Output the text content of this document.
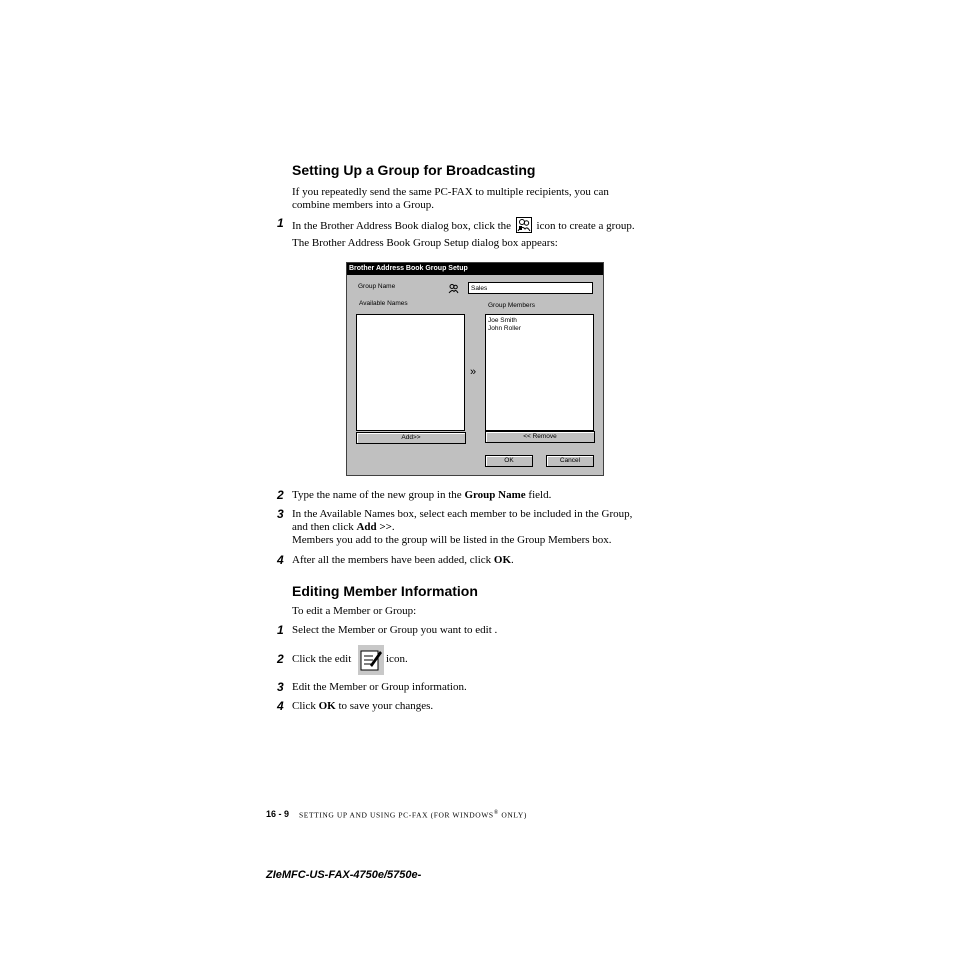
Setting Up a Group for Broadcasting
If you repeatedly send the same PC-FAX to multiple recipients, you can
combine members into a Group.
1 In the Brother Address Book dialog box, click the icon to create a group.
The Brother Address Book Group Setup dialog box appears:
Brother Address Book Group Setup
Group Name	Sales
Available Names	Group Members
»
Joe Smith
John Roller
Add>>	<< Remove
OK	Cancel
2 Type the name of the new group in the Group Name field.
3 In the Available Names box, select each member to be included in the Group,
and then click Add >>.
Members you add to the group will be listed in the Group Members box.
4 After all the members have been added, click OK.
Editing Member Information
To edit a Member or Group:
1 Select the Member or Group you want to edit .
2 Click the edit	icon.
3 Edit the Member or Group information.
4 Click OK to save your changes.
16 - 9 SETTING UP AND USING PC-FAX (FOR WINDOWS® ONLY)
ZIeMFC-US-FAX-4750e/5750e-
